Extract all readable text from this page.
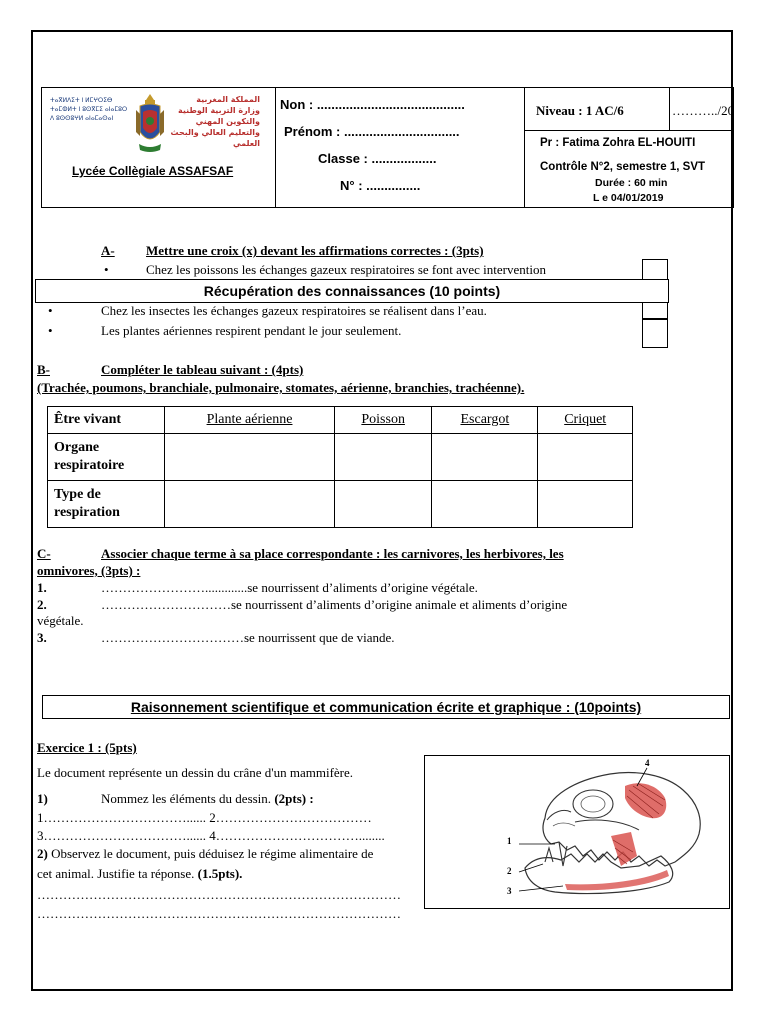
ⵜⴰⴳⵍⴷⵉⵜ ⵏ ⵍⵎⵖⵔⵉⴱ
ⵜⴰⵎⵀⵍⵜ ⵏ ⵓⵙⴳⵎⵉ ⴰⵏⴰⵎⵓⵔ
ⴷ ⵓⵙⵙⵓⵖⵍ ⴰⵏⴰⵎⴰⵙⴰⵏ
المملكة المغربية
وزارة التربية الوطنية والتكوين المهني
والتعليم العالي والبحث العلمي
Lycée Collègiale ASSAFSAF
Non : .........................................
Prénom : ................................
Classe : ..................
N° : ...............
Niveau : 1 AC/6	………../20
Pr : Fatima Zohra EL-HOUITI
Contrôle N°2, semestre 1, SVT
Durée : 60 min
L e 04/01/2019
A- Mettre une croix (x) devant les affirmations correctes : (3pts)
•	Chez les poissons les échanges gazeux respiratoires se font avec intervention
Récupération des connaissances (10 points)
•	Chez les insectes les échanges gazeux respiratoires se réalisent dans l’eau.
•	Les plantes aériennes respirent pendant le jour seulement.
B-	Compléter le tableau suivant : (4pts)
(Trachée, poumons, branchiale, pulmonaire, stomates, aérienne, branchies, trachéenne).
Être vivant	Plante aérienne	Poisson	Escargot	Criquet
Organe respiratoire				
Type de respiration				
C-	Associer chaque terme à sa place correspondante : les carnivores, les herbivores, les
omnivores, (3pts) :
1.	…………………….............se nourrissent d’aliments d’origine végétale.
2.	…………………………se nourrissent d’aliments d’origine animale et aliments d’origine
végétale.
3.	……………………………se nourrissent que de viande.
Raisonnement scientifique et communication écrite et graphique : (10points)
Exercice 1 : (5pts)
Le document représente un dessin du crâne d'un mammifère.
1)	Nommez les éléments du dessin. (2pts) :
1……………………………...... 2………………………………
3……………………………...... 4……………………………........
2) Observez le document, puis déduisez le régime alimentaire de
cet animal. Justifie ta réponse. (1.5pts).
…………………………………………………………………………
…………………………………………………………………………
1
2
3
4
